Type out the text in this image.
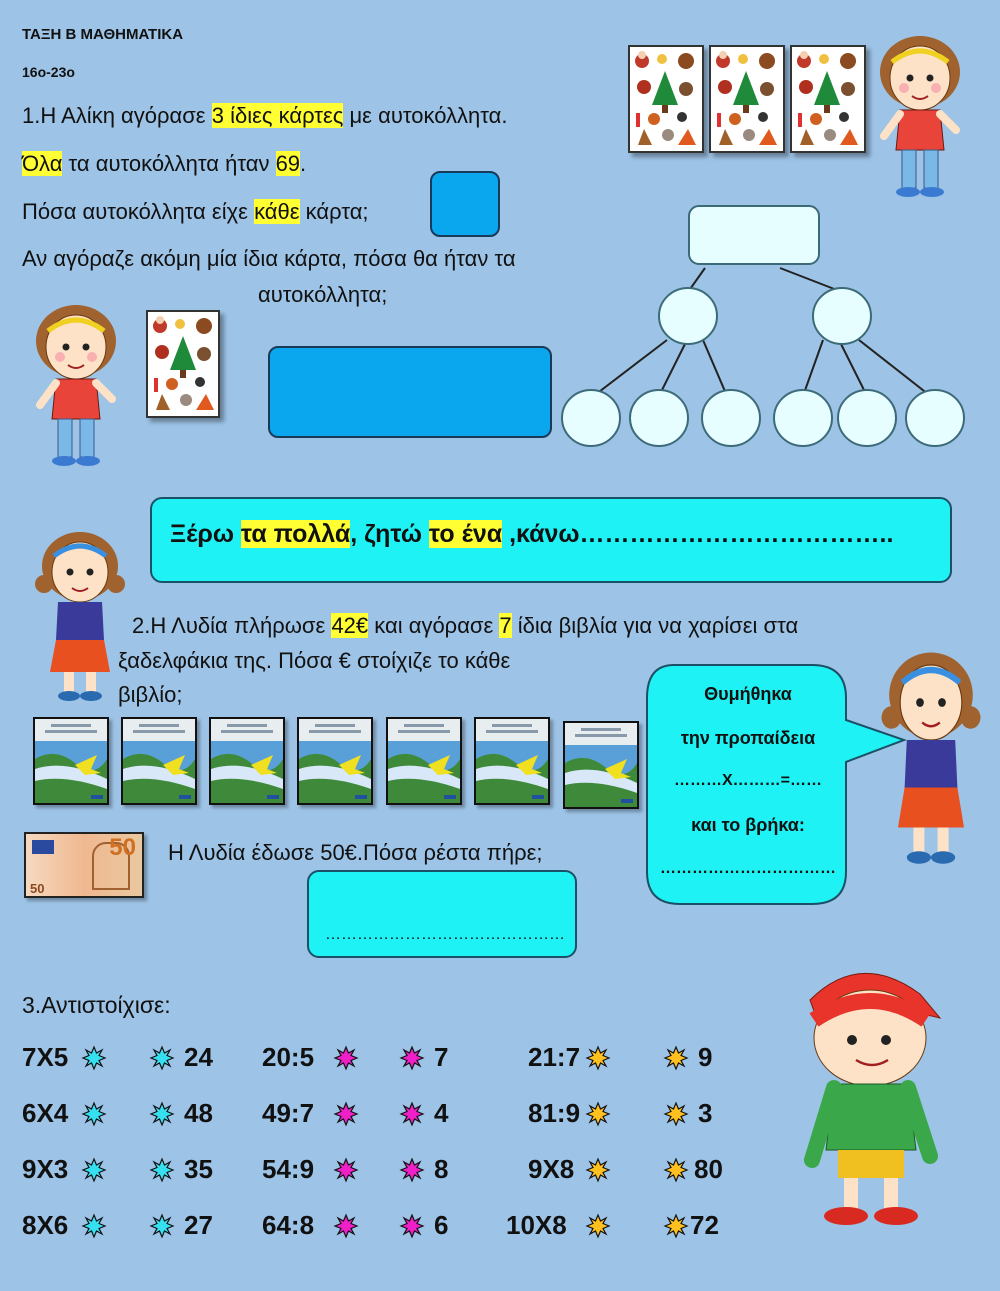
ΤΑΞΗ Β ΜΑΘΗΜΑΤΙΚΑ
16ο-23ο
1.Η Αλίκη αγόρασε 3 ίδιες κάρτες με αυτοκόλλητα.
Όλα τα αυτοκόλλητα ήταν 69.
Πόσα αυτοκόλλητα είχε κάθε κάρτα;
Αν αγόραζε ακόμη μία ίδια κάρτα, πόσα θα ήταν τα
αυτοκόλλητα;
Ξέρω τα πολλά, ζητώ το ένα ,κάνω………………………………..
2.Η Λυδία πλήρωσε 42€ και αγόρασε 7 ίδια βιβλία για να χαρίσει στα
ξαδελφάκια της. Πόσα € στοίχιζε το κάθε
βιβλίο;	Θυμήθηκα
την προπαίδεια
………Χ………=……
και το βρήκα:
……………………………
50
50
Η Λυδία έδωσε 50€.Πόσα ρέστα πήρε;
………………………………………
3.Αντιστοίχισε:
7Χ5
6Χ4
9Χ3
8Χ6
24
48
35
27
20:5
49:7
54:9
64:8
7
4
8
6
21:7
81:9
9Χ8
10Χ8
9
3
80
72
